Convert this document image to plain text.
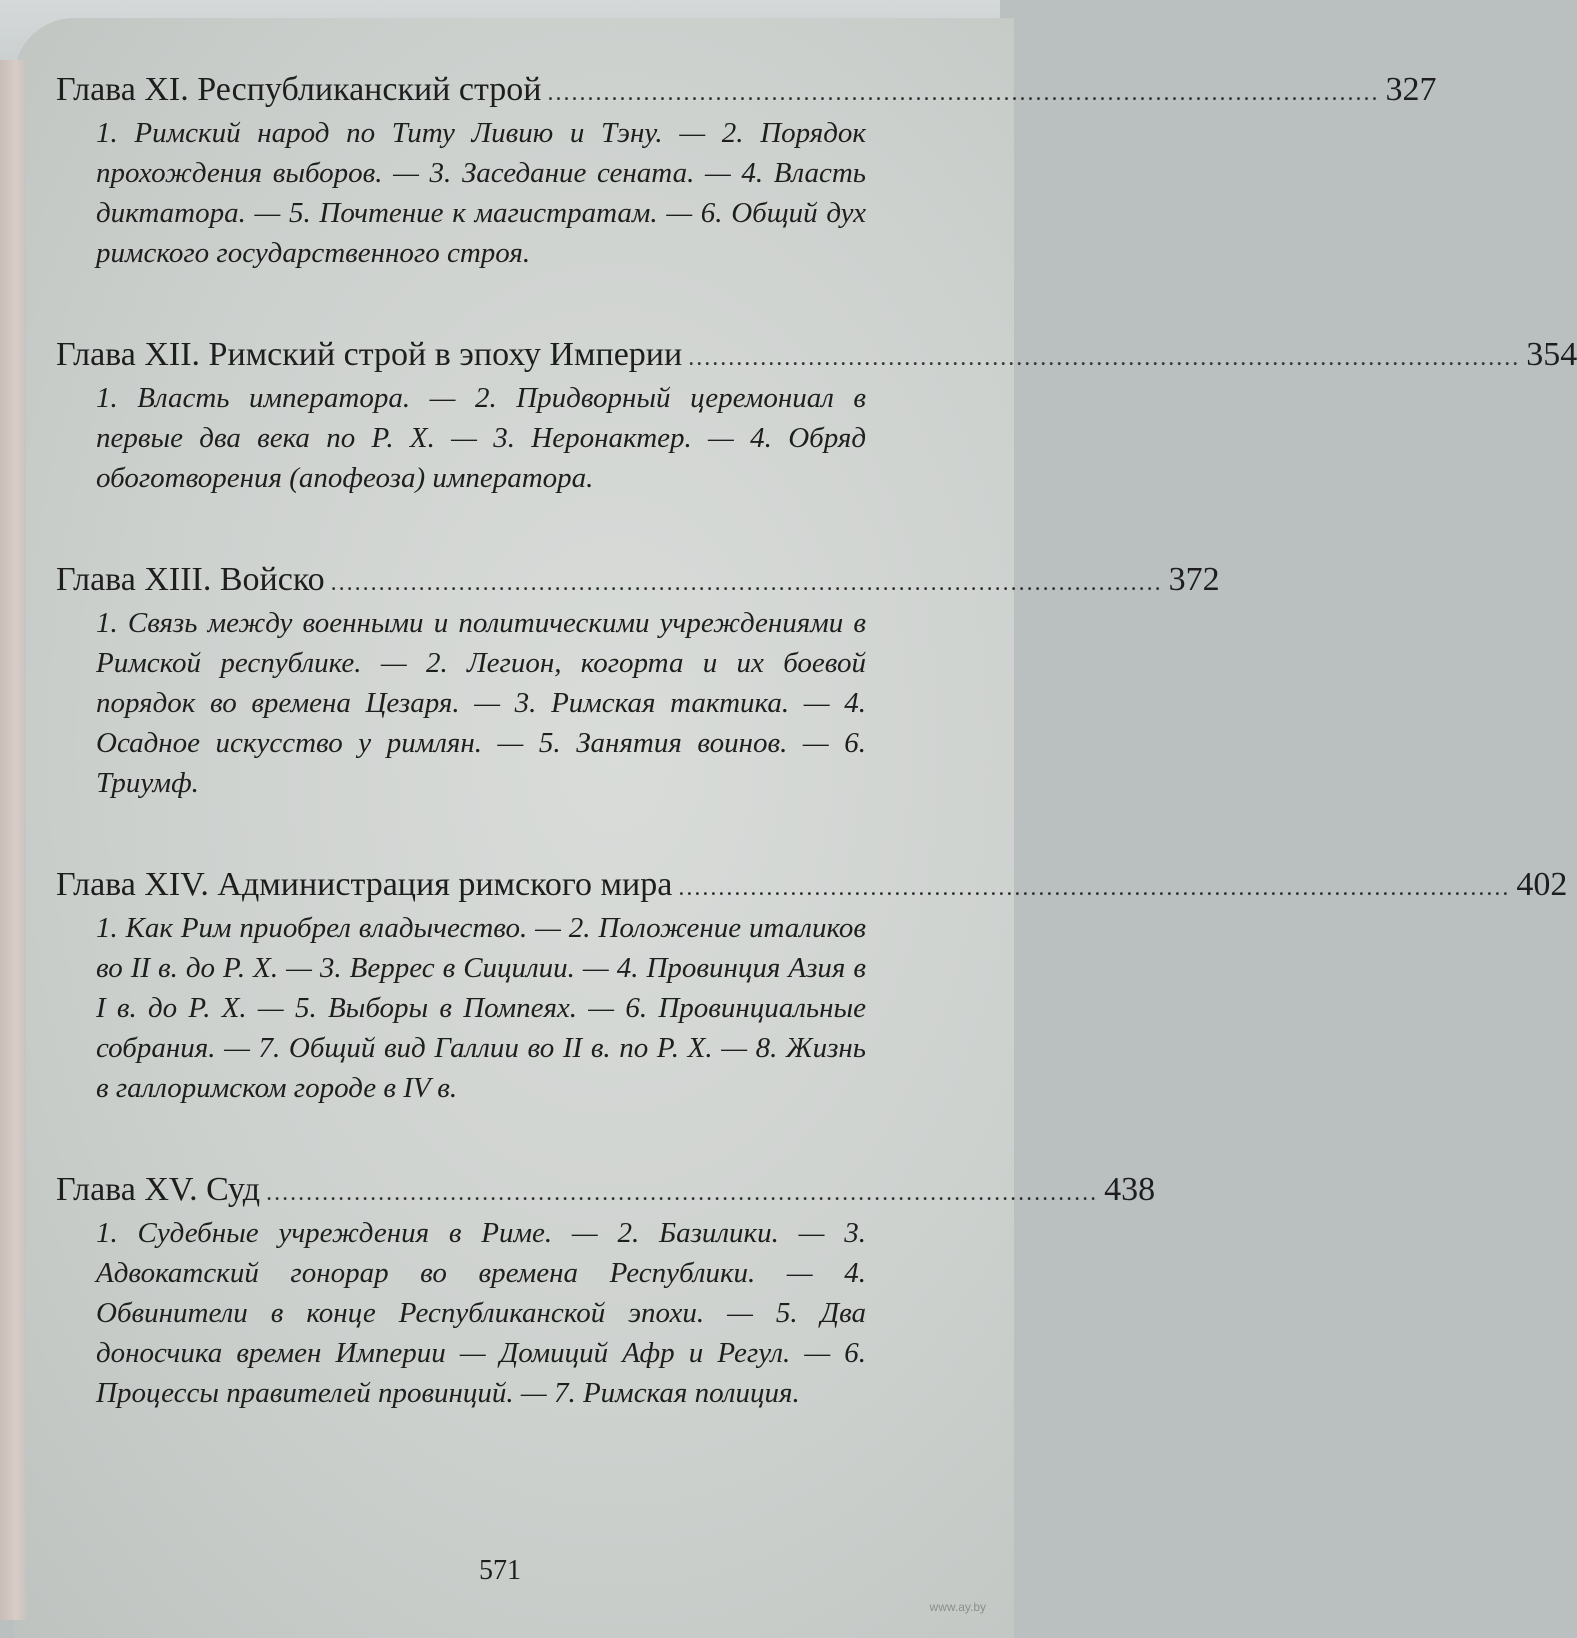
Глава XI. Республиканский строй ........................................................................................................ 327
1. Римский народ по Титу Ливию и Тэну. — 2. Порядок прохождения выборов. — 3. Заседание сената. — 4. Власть диктатора. — 5. Почтение к магистратам. — 6. Общий дух римского государственного строя.
Глава XII. Римский строй в эпоху Империи ........................................................................................................ 354
1. Власть императора. — 2. Придворный церемониал в первые два века по Р. Х. — 3. Неронактер. — 4. Обряд обоготворения (апофеоза) императора.
Глава XIII. Войско ........................................................................................................ 372
1. Связь между военными и политическими учреждениями в Римской республике. — 2. Легион, когорта и их боевой порядок во времена Цезаря. — 3. Римская тактика. — 4. Осадное искусство у римлян. — 5. Занятия воинов. — 6. Триумф.
Глава XIV. Администрация римского мира ........................................................................................................ 402
1. Как Рим приобрел владычество. — 2. Положение италиков во II в. до Р. Х. — 3. Веррес в Сицилии. — 4. Провинция Азия в I в. до Р. Х. — 5. Выборы в Помпеях. — 6. Провинциальные собрания. — 7. Общий вид Галлии во II в. по Р. Х. — 8. Жизнь в галлоримском городе в IV в.
Глава XV. Суд ........................................................................................................ 438
1. Судебные учреждения в Риме. — 2. Базилики. — 3. Адвокатский гонорар во времена Республики. — 4. Обвинители в конце Республиканской эпохи. — 5. Два доносчика времен Империи — Домиций Афр и Регул. — 6. Процессы правителей провинций. — 7. Римская полиция.
571
www.ay.by
